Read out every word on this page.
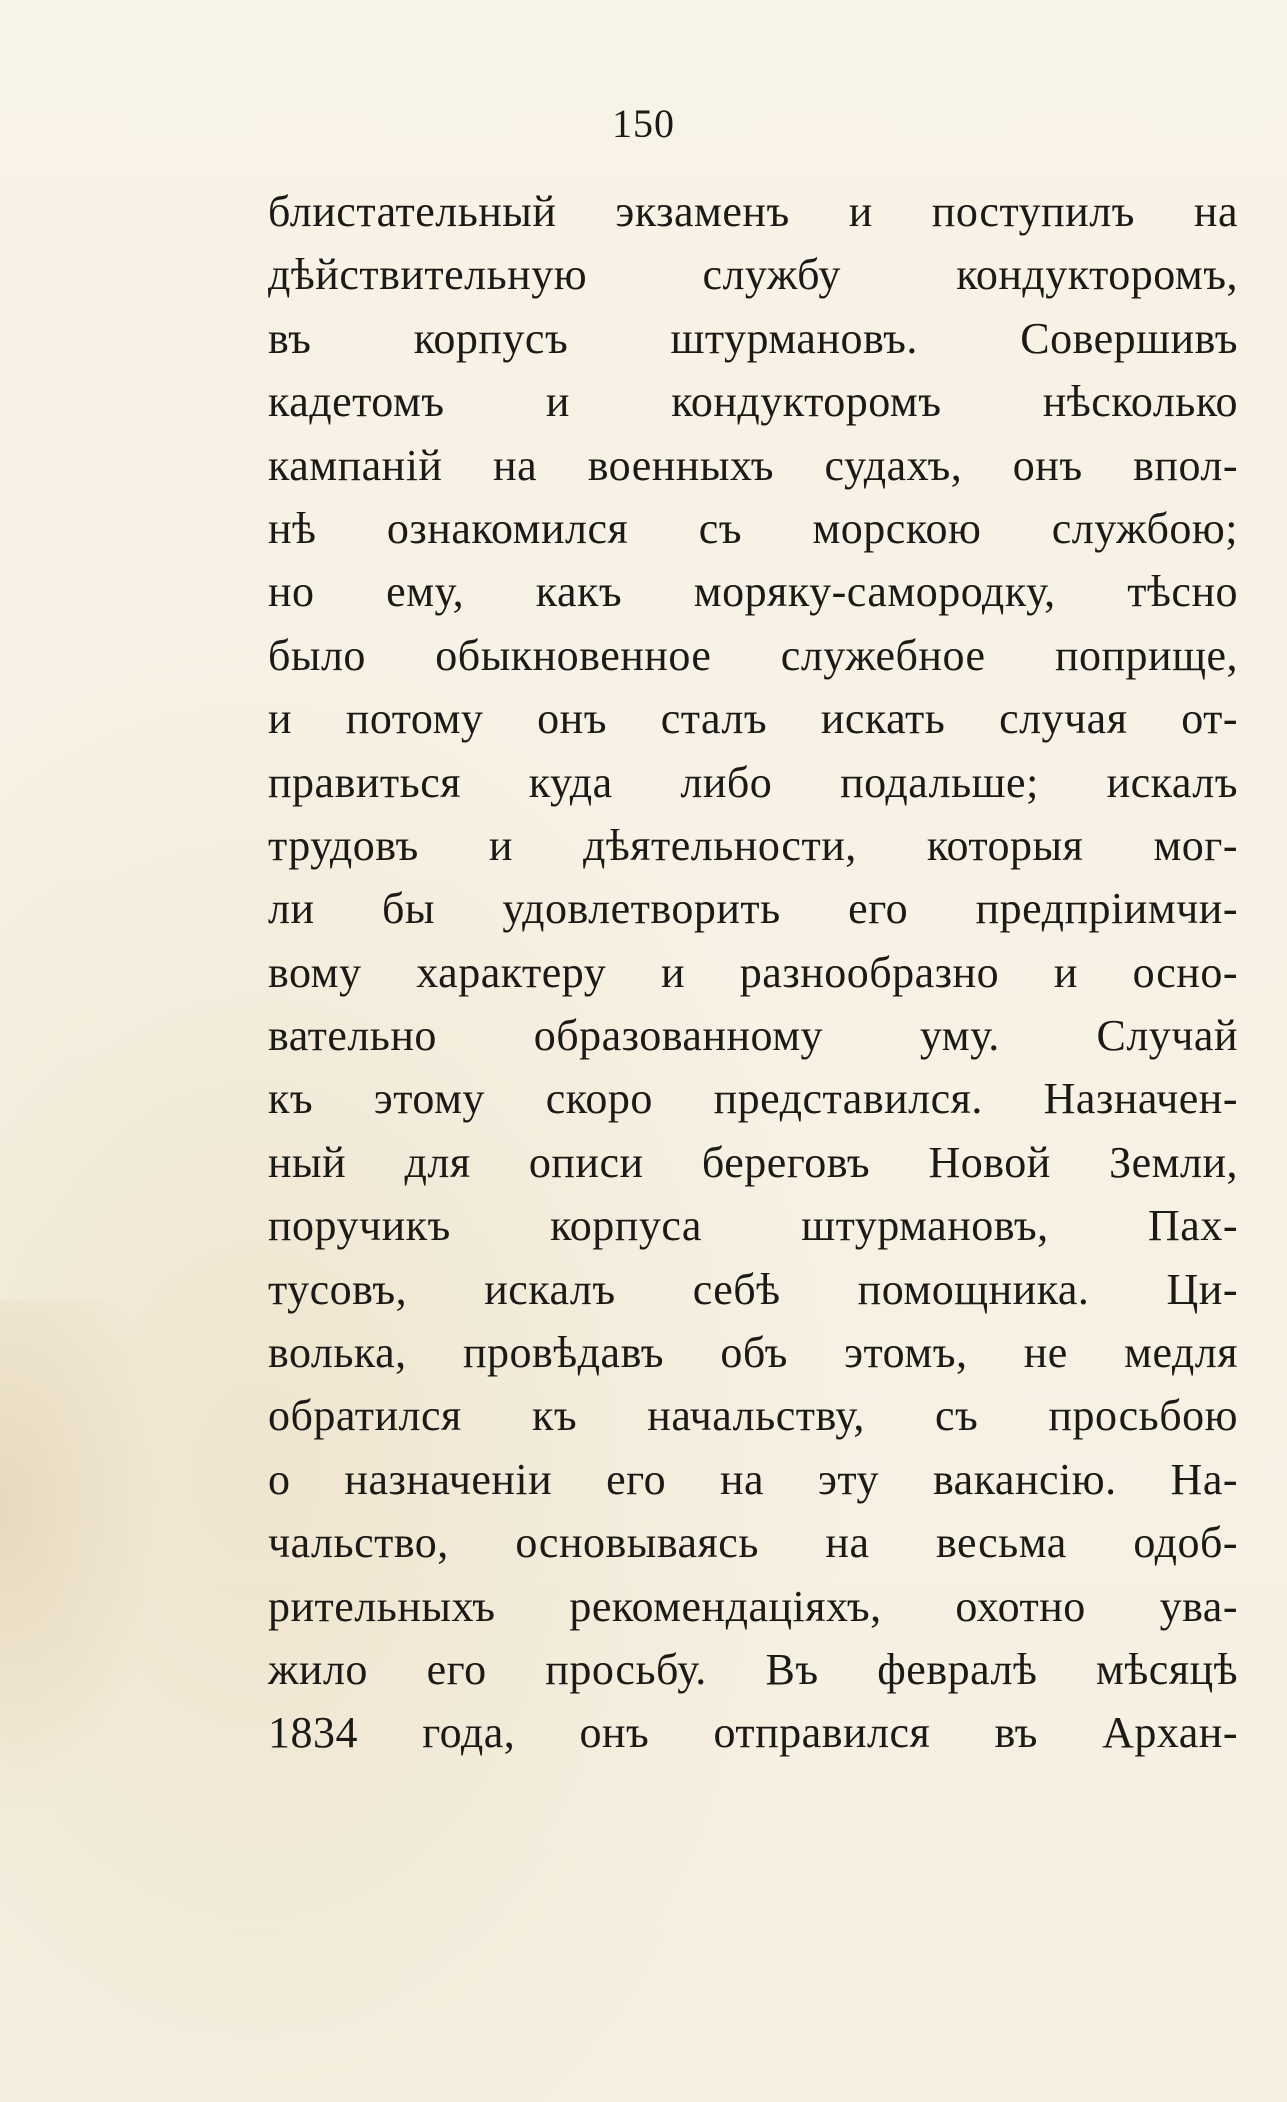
150
блистательный экзаменъ и поступилъ на
дѣйствительную службу кондукторомъ,
въ корпусъ штурмановъ. Совершивъ
кадетомъ и кондукторомъ нѣсколько
кампаній на военныхъ судахъ, онъ впол-
нѣ ознакомился съ морскою службою;
но ему, какъ моряку-самородку, тѣсно
было обыкновенное служебное поприще,
и потому онъ сталъ искать случая от-
правиться куда либо подальше; искалъ
трудовъ и дѣятельности, которыя мог-
ли бы удовлетворить его предпріимчи-
вому характеру и разнообразно и осно-
вательно образованному уму. Случай
къ этому скоро представился. Назначен-
ный для описи береговъ Новой Земли,
поручикъ корпуса штурмановъ, Пах-
тусовъ, искалъ себѣ помощника. Ци-
волька, провѣдавъ объ этомъ, не медля
обратился къ начальству, съ просьбою
о назначеніи его на эту вакансію. На-
чальство, основываясь на весьма одоб-
рительныхъ рекомендаціяхъ, охотно ува-
жило его просьбу. Въ февралѣ мѣсяцѣ
1834 года, онъ отправился въ Архан-
